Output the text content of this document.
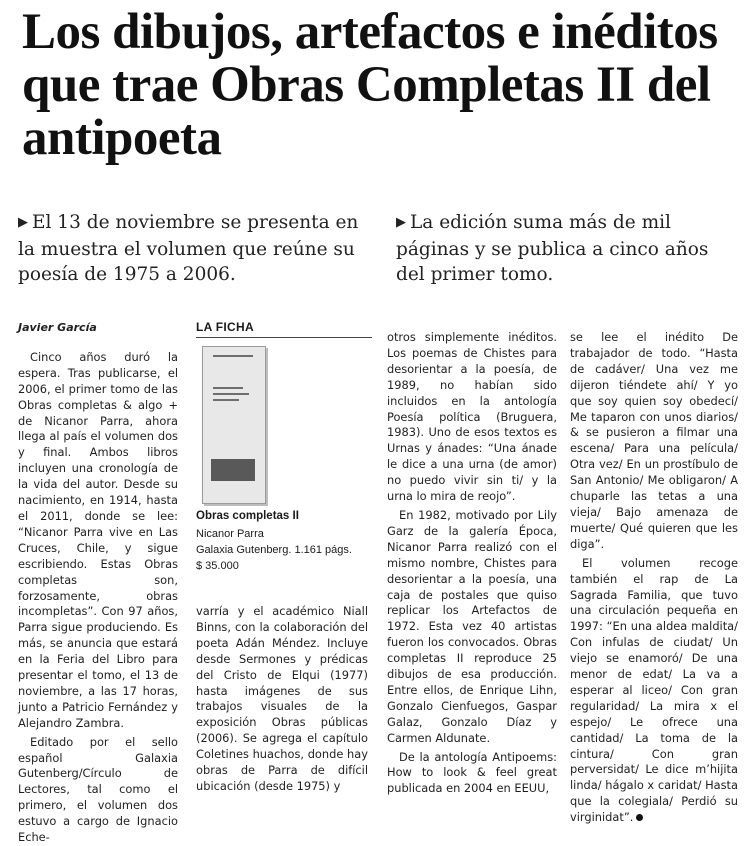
Los dibujos, artefactos e inéditos que trae Obras Completas II del antipoeta
▶ El 13 de noviembre se presenta en la muestra el volumen que reúne su poesía de 1975 a 2006.
▶ La edición suma más de mil páginas y se publica a cinco años del primer tomo.

Javier García

Cinco años duró la espera. Tras publicarse, el 2006, el primer tomo de las Obras completas & algo + de Nicanor Parra, ahora llega al país el volumen dos y final. Ambos libros incluyen una cronología de la vida del autor. Desde su nacimiento, en 1914, hasta el 2011, donde se lee: “Nicanor Parra vive en Las Cruces, Chile, y sigue escribiendo. Estas Obras completas son, forzosamente, obras incompletas”. Con 97 años, Parra sigue produciendo. Es más, se anuncia que estará en la Feria del Libro para presentar el tomo, el 13 de noviembre, a las 17 horas, junto a Patricio Fernández y Alejandro Zambra.

Editado por el sello español Galaxia Gutenberg/Círculo de Lectores, tal como el primero, el volumen dos estuvo a cargo de Ignacio Eche-

LA FICHA
Obras completas II
Nicanor Parra
Galaxia Gutenberg. 1.161 págs.
$ 35.000

varría y el académico Niall Binns, con la colaboración del poeta Adán Méndez. Incluye desde Sermones y prédicas del Cristo de Elqui (1977) hasta imágenes de sus trabajos visuales de la exposición Obras públicas (2006). Se agrega el capítulo Coletines huachos, donde hay obras de Parra de difícil ubicación (desde 1975) y

otros simplemente inéditos. Los poemas de Chistes para desorientar a la poesía, de 1989, no habían sido incluidos en la antología Poesía política (Bruguera, 1983). Uno de esos textos es Urnas y ánades: “Una ánade le dice a una urna (de amor) no puedo vivir sin ti/ y la urna lo mira de reojo”.

En 1982, motivado por Lily Garz de la galería Época, Nicanor Parra realizó con el mismo nombre, Chistes para desorientar a la poesía, una caja de postales que quiso replicar los Artefactos de 1972. Esta vez 40 artistas fueron los convocados. Obras completas II reproduce 25 dibujos de esa producción. Entre ellos, de Enrique Lihn, Gonzalo Cienfuegos, Gaspar Galaz, Gonzalo Díaz y Carmen Aldunate.

De la antología Antipoems: How to look & feel great publicada en 2004 en EEUU,

se lee el inédito De trabajador de todo. “Hasta de cadáver/ Una vez me dijeron tiéndete ahí/ Y yo que soy quien soy obedecí/ Me taparon con unos diarios/ & se pusieron a filmar una escena/ Para una película/ Otra vez/ En un prostíbulo de San Antonio/ Me obligaron/ A chuparle las tetas a una vieja/ Bajo amenaza de muerte/ Qué quieren que les diga”.

El volumen recoge también el rap de La Sagrada Familia, que tuvo una circulación pequeña en 1997: “En una aldea maldita/ Con infulas de ciudat/ Un viejo se enamoró/ De una menor de edat/ La va a esperar al liceo/ Con gran regularidad/ La mira x el espejo/ Le ofrece una cantidad/ La toma de la cintura/ Con gran perversidat/ Le dice m’hijita linda/ hágalo x caridat/ Hasta que la colegiala/ Perdió su virginidat”.
